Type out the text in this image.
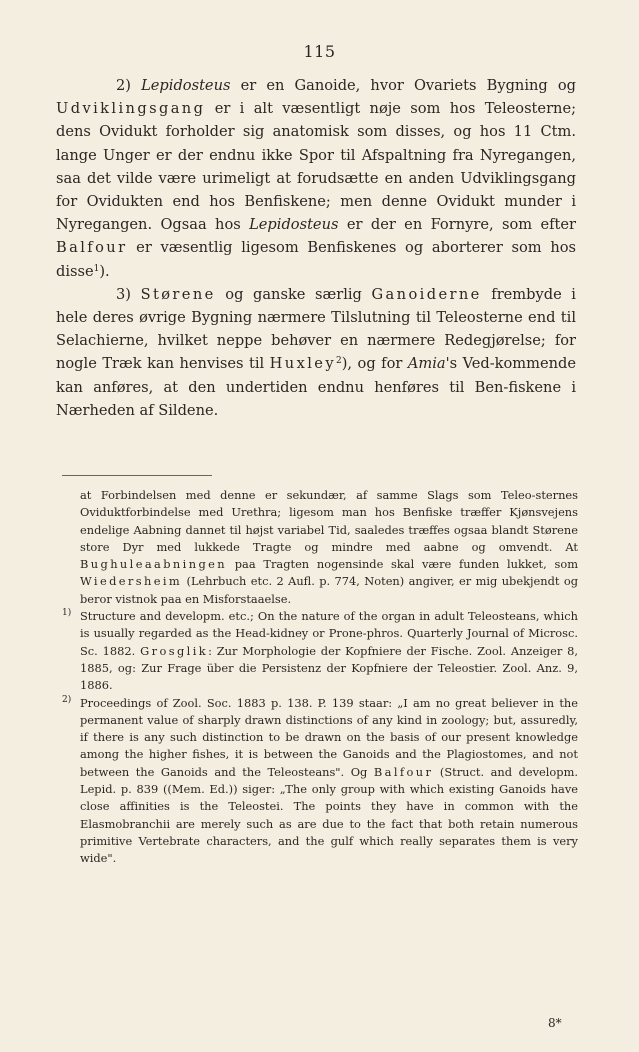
115

2) Lepidosteus er en Ganoide, hvor Ovariets Bygning og Udviklingsgang er i alt væsentligt nøje som hos Teleosterne; dens Ovidukt forholder sig anatomisk som disses, og hos 11 Ctm. lange Unger er der endnu ikke Spor til Afspaltning fra Nyregangen, saa det vilde være urimeligt at forudsætte en anden Udviklingsgang for Ovidukten end hos Benfiskene; men denne Ovidukt munder i Nyregangen. Ogsaa hos Lepidosteus er der en Fornyre, som efter Balfour er væsentlig ligesom Benfiskenes og aborterer som hos disse$^1$).

3) Størene og ganske særlig Ganoiderne frembyde i hele deres øvrige Bygning nærmere Tilslutning til Teleosterne end til Selachierne, hvilket neppe behøver en nærmere Redegjørelse; for nogle Træk kan henvises til Huxley$^2$), og for Amia's Ved-kommende kan anføres, at den undertiden endnu henføres til Ben-fiskene i Nærheden af Sildene.

at Forbindelsen med denne er sekundær, af samme Slags som Teleo-sternes Oviduktforbindelse med Urethra; ligesom man hos Benfiske træffer Kjønsvejens endelige Aabning dannet til højst variabel Tid, saaledes træffes ogsaa blandt Størene store Dyr med lukkede Tragte og mindre med aabne og omvendt. At Bughuleaabningen paa Tragten nogensinde skal være funden lukket, som Wiedersheim (Lehrbuch etc. 2 Aufl. p. 774, Noten) angiver, er mig ubekjendt og beror vistnok paa en Misforstaaelse.

1) Structure and developm. etc.; On the nature of the organ in adult Teleosteans, which is usually regarded as the Head-kidney or Prone-phros. Quarterly Journal of Microsc. Sc. 1882. Grosglik: Zur Morphologie der Kopfniere der Fische. Zool. Anzeiger 8, 1885, og: Zur Frage über die Persistenz der Kopfniere der Teleostier. Zool. Anz. 9, 1886.

2) Proceedings of Zool. Soc. 1883 p. 138. P. 139 staar: „I am no great believer in the permanent value of sharply drawn distinctions of any kind in zoology; but, assuredly, if there is any such distinction to be drawn on the basis of our present knowledge among the higher fishes, it is between the Ganoids and the Plagiostomes, and not between the Ganoids and the Teleosteans". Og Balfour (Struct. and developm. Lepid. p. 839 ((Mem. Ed.)) siger: „The only group with which existing Ganoids have close affinities is the Teleostei. The points they have in common with the Elasmobranchii are merely such as are due to the fact that both retain numerous primitive Vertebrate characters, and the gulf which really separates them is very wide".

8*
